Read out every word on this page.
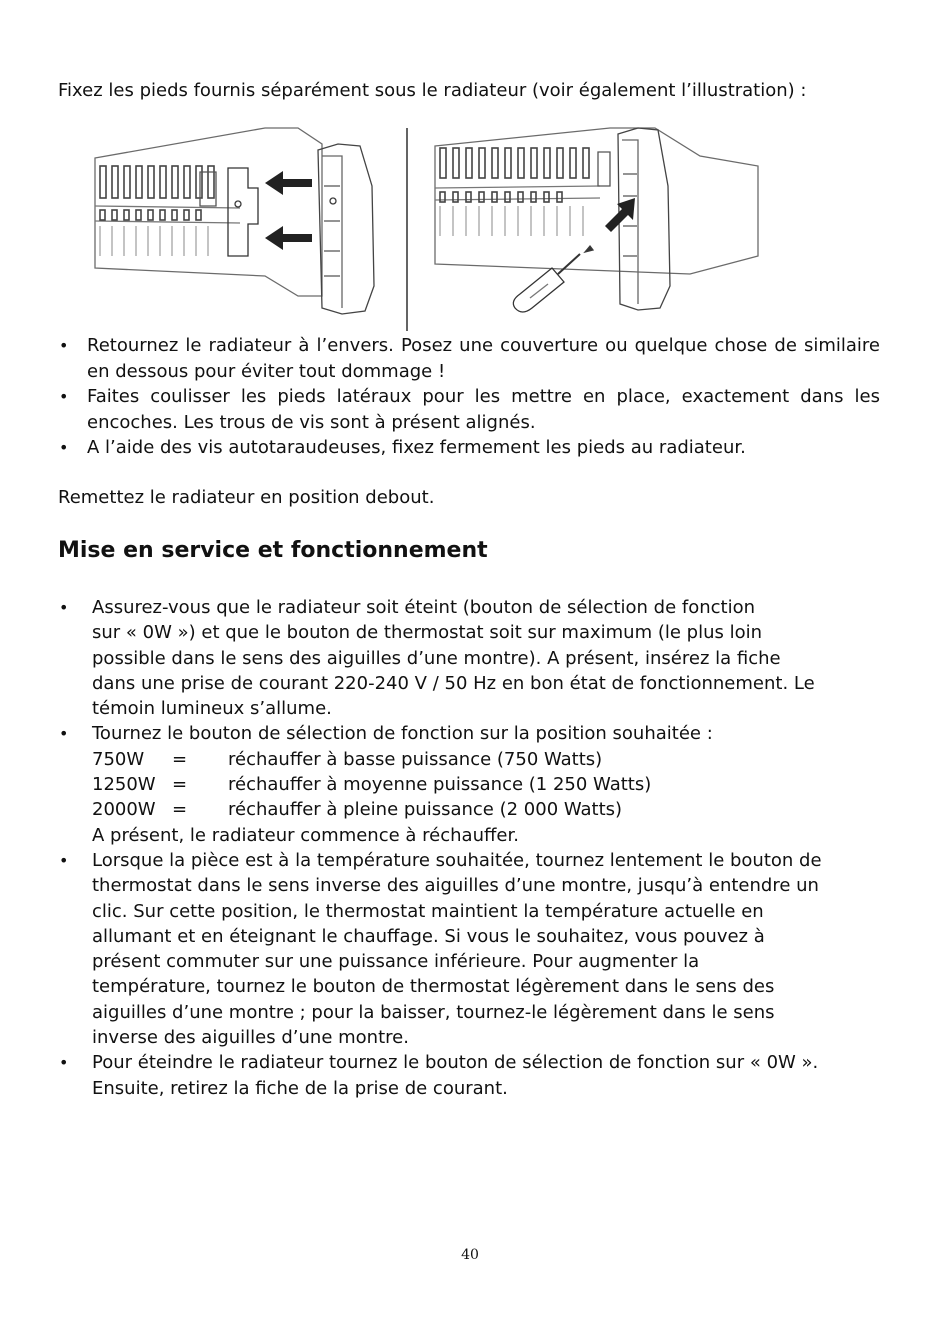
Fixez les pieds fournis séparément sous le radiateur (voir également l’illustration) :
• Retournez le radiateur à l’envers. Posez une couverture ou quelque chose de similaire en dessous pour éviter tout dommage !
• Faites coulisser les pieds latéraux pour les mettre en place, exactement dans les encoches. Les trous de vis sont à présent alignés.
• A l’aide des vis autotaraudeuses, fixez fermement les pieds au radiateur.
Remettez le radiateur en position debout.
Mise en service et fonctionnement
• Assurez-vous que le radiateur soit éteint (bouton de sélection de fonction
sur « 0W ») et que le bouton de thermostat soit sur maximum (le plus loin
possible dans le sens des aiguilles d’une montre). A présent, insérez la fiche
dans une prise de courant 220-240 V / 50 Hz en bon état de fonctionnement. Le
témoin lumineux s’allume.
• Tournez le bouton de sélection de fonction sur la position souhaitée :
750W	=	réchauffer à basse puissance (750 Watts)
1250W =	réchauffer à moyenne puissance (1 250 Watts)
2000W =	réchauffer à pleine puissance (2 000 Watts)
A présent, le radiateur commence à réchauffer.
• Lorsque la pièce est à la température souhaitée, tournez lentement le bouton de
thermostat dans le sens inverse des aiguilles d’une montre, jusqu’à entendre un
clic. Sur cette position, le thermostat maintient la température actuelle en
allumant et en éteignant le chauffage. Si vous le souhaitez, vous pouvez à
présent commuter sur une puissance inférieure. Pour augmenter la
température, tournez le bouton de thermostat légèrement dans le sens des
aiguilles d’une montre ; pour la baisser, tournez-le légèrement dans le sens
inverse des aiguilles d’une montre.
• Pour éteindre le radiateur tournez le bouton de sélection de fonction sur « 0W ».
Ensuite, retirez la fiche de la prise de courant.
40
